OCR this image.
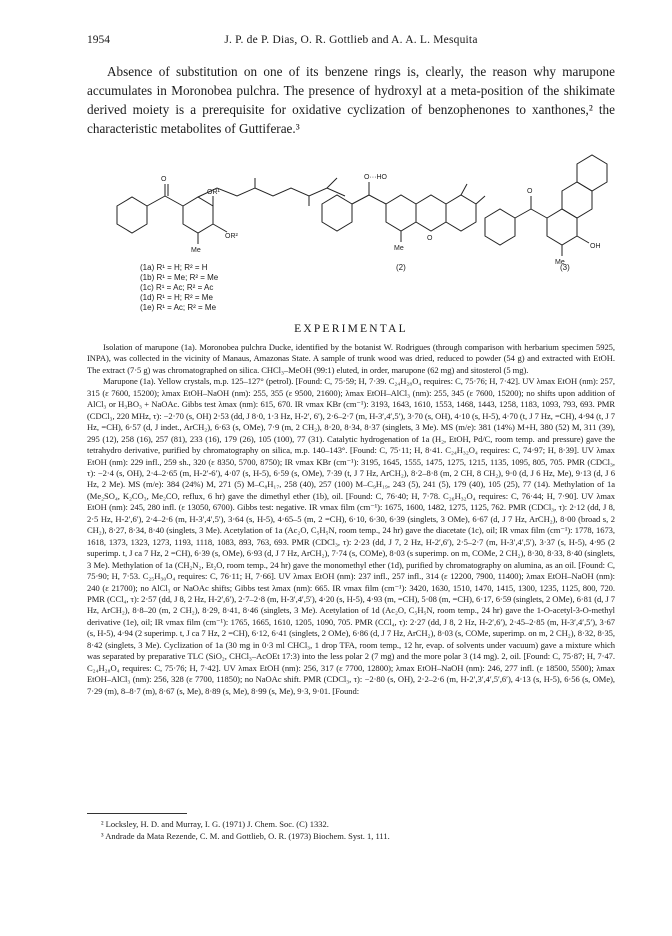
1954	J. P. de P. Dias, O. R. Gottlieb and A. A. L. Mesquita

Absence of substitution on one of its benzene rings is, clearly, the reason why marupone accumulates in Moronobea pulchra. The presence of hydroxyl at a meta-position of the shikimate derived moiety is a prerequisite for oxidative cyclization of benzophenones to xanthones,² the characteristic metabolites of Guttiferae.³

O
OR¹
OR²
Me
O···HO
O
Me
O
OH
Me
(1a) R¹ = H; R² = H
(1b) R¹ = Me; R² = Me
(1c) R¹ = Ac; R² = Ac
(1d) R¹ = H; R² = Me
(1e) R¹ = Ac; R² = Me
(2)	(3)
EXPERIMENTAL

Isolation of marupone (1a). Moronobea pulchra Ducke, identified by the botanist W. Rodrigues (through comparison with herbarium specimen 5925, INPA), was collected in the vicinity of Manaus, Amazonas State. A sample of trunk wood was dried, reduced to powder (54 g) and extracted with EtOH. The extract (7·5 g) was chromatographed on silica. CHCl₃–MeOH (99:1) eluted, in order, marupone (62 mg) and sitosterol (5 mg).

Marupone (1a). Yellow crystals, m.p. 125–127° (petrol). [Found: C, 75·59; H, 7·39. C₂₄H₂₈O₄ requires: C, 75·76; H, 7·42]. UV λmax EtOH (nm): 257, 315 (ε 7600, 15200); λmax EtOH–NaOH (nm): 255, 355 (ε 9500, 21600); λmax EtOH–AlCl₃ (nm): 255, 345 (ε 7600, 15200); no shifts upon addition of AlCl₃ or H₃BO₃ + NaOAc. Gibbs test λmax (nm): 615, 670. IR νmax KBr (cm⁻¹): 3193, 1643, 1610, 1553, 1468, 1443, 1258, 1183, 1093, 793, 693. PMR (CDCl₃, 220 MHz, τ): −2·70 (s, OH) 2·53 (dd, J 8·0, 1·3 Hz, H-2′, 6′), 2·6–2·7 (m, H-3′,4′,5′), 3·70 (s, OH), 4·10 (s, H-5), 4·70 (t, J 7 Hz, =CH), 4·94 (t, J 7 Hz, =CH), 6·57 (d, J indet., ArCH₂), 6·63 (s, OMe), 7·9 (m, 2 CH₂), 8·20, 8·34, 8·37 (singlets, 3 Me). MS (m/e): 381 (14%) M+H, 380 (52) M, 311 (39), 295 (12), 258 (16), 257 (81), 233 (16), 179 (26), 105 (100), 77 (31). Catalytic hydrogenation of 1a (H₂, EtOH, Pd/C, room temp. and pressure) gave the tetrahydro derivative, purified by chromatography on silica, m.p. 140–143°. [Found: C, 75·11; H, 8·41. C₂₄H₃₂O₄ requires: C, 74·97; H, 8·39]. UV λmax EtOH (nm): 229 infl., 259 sh., 320 (ε 8350, 5700, 8750); IR νmax KBr (cm⁻¹): 3195, 1645, 1555, 1475, 1275, 1215, 1135, 1095, 805, 705. PMR (CDCl₃, τ): −2·4 (s, OH), 2·4–2·65 (m, H-2′-6′), 4·07 (s, H-5), 6·59 (s, OMe), 7·39 (t, J 7 Hz, ArCH₂), 8·2–8·8 (m, 2 CH, 8 CH₂), 9·0 (d, J 6 Hz, Me), 9·13 (d, J 6 Hz, 2 Me). MS (m/e): 384 (24%) M, 271 (5) M–C₈H₁₇, 258 (40), 257 (100) M–C₉H₁₉, 243 (5), 241 (5), 179 (40), 105 (25), 77 (14). Methylation of 1a (Me₂SO₄, K₂CO₃, Me₂CO, reflux, 6 hr) gave the dimethyl ether (1b), oil. [Found: C, 76·40; H, 7·78. C₂₆H₃₂O₄ requires: C, 76·44; H, 7·90]. UV λmax EtOH (nm): 245, 280 infl. (ε 13050, 6700). Gibbs test: negative. IR νmax film (cm⁻¹): 1675, 1600, 1482, 1275, 1125, 762. PMR (CDCl₃, τ): 2·12 (dd, J 8, 2·5 Hz, H-2′,6′), 2·4–2·6 (m, H-3′,4′,5′), 3·64 (s, H-5), 4·65–5 (m, 2 =CH), 6·10, 6·30, 6·39 (singlets, 3 OMe), 6·67 (d, J 7 Hz, ArCH₂), 8·00 (broad s, 2 CH₂), 8·27, 8·34, 8·40 (singlets, 3 Me). Acetylation of 1a (Ac₂O, C₅H₅N, room temp., 24 hr) gave the diacetate (1c), oil; IR νmax film (cm⁻¹): 1778, 1673, 1618, 1373, 1323, 1273, 1193, 1118, 1083, 893, 763, 693. PMR (CDCl₃, τ): 2·23 (dd, J 7, 2 Hz, H-2′,6′), 2·5–2·7 (m, H-3′,4′,5′), 3·37 (s, H-5), 4·95 (2 superimp. t, J ca 7 Hz, 2 =CH), 6·39 (s, OMe), 6·93 (d, J 7 Hz, ArCH₂), 7·74 (s, COMe), 8·03 (s superimp. on m, COMe, 2 CH₂), 8·30, 8·33, 8·40 (singlets, 3 Me). Methylation of 1a (CH₂N₂, Et₂O, room temp., 24 hr) gave the monomethyl ether (1d), purified by chromatography on alumina, as an oil. [Found: C, 75·90; H, 7·53. C₂₅H₃₀O₄ requires: C, 76·11; H, 7·66]. UV λmax EtOH (nm): 237 infl., 257 infl., 314 (ε 12200, 7900, 11400); λmax EtOH–NaOH (nm): 240 (ε 21700); no AlCl₃ or NaOAc shifts; Gibbs test λmax (nm): 665. IR νmax film (cm⁻¹): 3420, 1630, 1510, 1470, 1415, 1300, 1235, 1125, 800, 720. PMR (CCl₄, τ): 2·57 (dd, J 8, 2 Hz, H-2′,6′), 2·7–2·8 (m, H-3′,4′,5′), 4·20 (s, H-5), 4·93 (m, =CH), 5·08 (m, =CH), 6·17, 6·59 (singlets, 2 OMe), 6·81 (d, J 7 Hz, ArCH₂), 8·8–20 (m, 2 CH₂), 8·29, 8·41, 8·46 (singlets, 3 Me). Acetylation of 1d (Ac₂O, C₅H₅N, room temp., 24 hr) gave the 1-O-acetyl-3-O-methyl derivative (1e), oil; IR νmax film (cm⁻¹): 1765, 1665, 1610, 1205, 1090, 705. PMR (CCl₄, τ): 2·27 (dd, J 8, 2 Hz, H-2′,6′), 2·45–2·85 (m, H-3′,4′,5′), 3·67 (s, H-5), 4·94 (2 superimp. t, J ca 7 Hz, 2 =CH), 6·12, 6·41 (singlets, 2 OMe), 6·86 (d, J 7 Hz, ArCH₂), 8·03 (s, COMe, superimp. on m, 2 CH₂), 8·32, 8·35, 8·42 (singlets, 3 Me). Cyclization of 1a (30 mg in 0·3 ml CHCl₃, 1 drop TFA, room temp., 12 hr, evap. of solvents under vacuum) gave a mixture which was separated by preparative TLC (SiO₂, CHCl₃–AcOEt 17:3) into the less polar 2 (7 mg) and the more polar 3 (14 mg). 2, oil. [Found: C, 75·87; H, 7·47. C₂₄H₂₈O₄ requires: C, 75·76; H, 7·42]. UV λmax EtOH (nm): 256, 317 (ε 7700, 12800); λmax EtOH–NaOH (nm): 246, 277 infl. (ε 18500, 5500); λmax EtOH–AlCl₃ (nm): 256, 328 (ε 7700, 11850); no NaOAc shift. PMR (CDCl₃, τ): −2·80 (s, OH), 2·2–2·6 (m, H-2′,3′,4′,5′,6′), 4·13 (s, H-5), 6·56 (s, OMe), 7·29 (m), 8–8·7 (m), 8·67 (s, Me), 8·89 (s, Me), 8·99 (s, Me), 9·3, 9·01. [Found:

² Locksley, H. D. and Murray, I. G. (1971) J. Chem. Soc. (C) 1332.
³ Andrade da Mata Rezende, C. M. and Gottlieb, O. R. (1973) Biochem. Syst. 1, 111.
